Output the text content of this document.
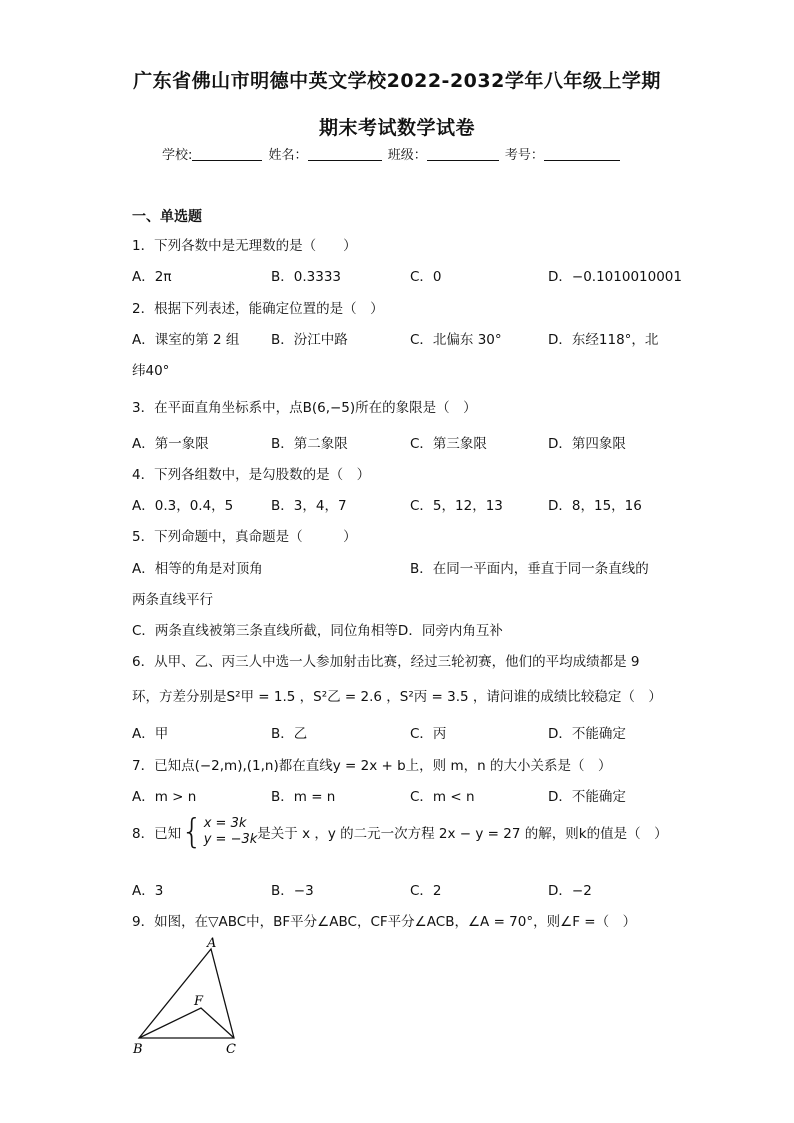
广东省佛山市明德中英文学校2022-2032学年八年级上学期
期末考试数学试卷
学校:	姓名：	班级：	考号：
一、单选题
1．下列各数中是无理数的是（　　）
A．2π	B．0.3333	C．0	D．−0.1010010001
2．根据下列表述，能确定位置的是（　）
A．课室的第 2 组 B．汾江中路	C．北偏东 30°	D．东经118°，北
纬40°
3．在平面直角坐标系中，点B(6,−5)所在的象限是（　）
A．第一象限	B．第二象限	C．第三象限	D．第四象限
4．下列各组数中，是勾股数的是（　）
A．0.3，0.4，5	B．3，4，7	C．5，12，13	D．8，15，16
5．下列命题中，真命题是（　　　）
A．相等的角是对顶角	B．在同一平面内，垂直于同一条直线的
两条直线平行
C．两条直线被第三条直线所截，同位角相等D．同旁内角互补
6．从甲、乙、丙三人中选一人参加射击比赛，经过三轮初赛，他们的平均成绩都是 9
环，方差分别是S²甲 = 1.5 ，S²乙 = 2.6 ，S²丙 = 3.5 ，请问谁的成绩比较稳定（　）
A．甲	B．乙	C．丙	D．不能确定
7．已知点(−2,m),(1,n)都在直线y = 2x + b上，则 m，n 的大小关系是（　）
A．m > n	B．m = n	C．m < n	D．不能确定
8．已知 { x = 3k
y = −3k 是关于 x ，y 的二元一次方程 2x − y = 27 的解，则k的值是（　）
A．3	B．−3	C．2	D．−2
9．如图，在▽ABC中，BF平分∠ABC，CF平分∠ACB，∠A = 70°，则∠F =（　）
A
B	C
F
